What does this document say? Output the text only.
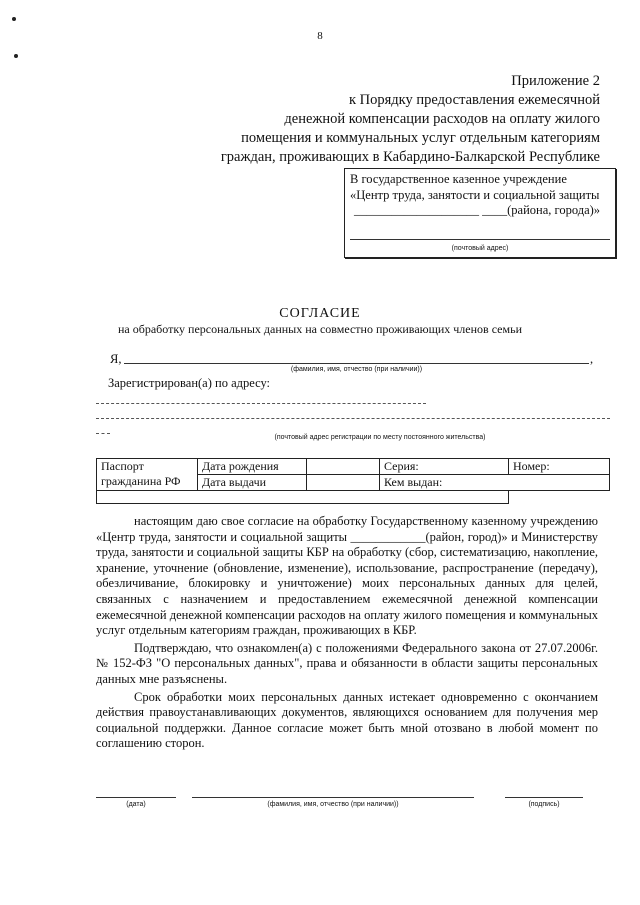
8
Приложение 2
к Порядку предоставления ежемесячной
денежной компенсации расходов на оплату жилого
помещения и коммунальных услуг отдельным категориям
граждан, проживающих в Кабардино-Балкарской Республике
В государственное казенное учреждение
«Центр труда, занятости и социальной защиты
____________________ ____(района, города)»
(почтовый адрес)
СОГЛАСИЕ
на обработку персональных данных на совместно проживающих членов семьи
Я,	,
(фамилия, имя, отчество (при наличии))
Зарегистрирован(а) по адресу:
(почтовый адрес регистрации по месту постоянного жительства)
Паспорт гражданина РФ	Дата рождения		Серия:	Номер:
	Дата выдачи		Кем выдан:	

настоящим даю свое согласие на обработку Государственному казенному учреждению «Центр труда, занятости и социальной защиты ____________(район, город)» и Министерству труда, занятости и социальной защиты КБР на обработку (сбор, систематизацию, накопление, хранение, уточнение (обновление, изменение), использование, распространение (передачу), обезличивание, блокировку и уничтожение) моих персональных данных для целей, связанных с назначением и предоставлением ежемесячной денежной компенсации ежемесячной денежной компенсации расходов на оплату жилого помещения и коммунальных услуг отдельным категориям граждан, проживающих в КБР.

Подтверждаю, что ознакомлен(а) с положениями Федерального закона от 27.07.2006г. № 152-ФЗ "О персональных данных", права и обязанности в области защиты персональных данных мне разъяснены.

Срок обработки моих персональных данных истекает одновременно с окончанием действия правоустанавливающих документов, являющихся основанием для получения мер социальной поддержки. Данное согласие может быть мной отозвано в любой момент по соглашению сторон.

(дата)	(фамилия, имя, отчество (при наличии))	(подпись)
